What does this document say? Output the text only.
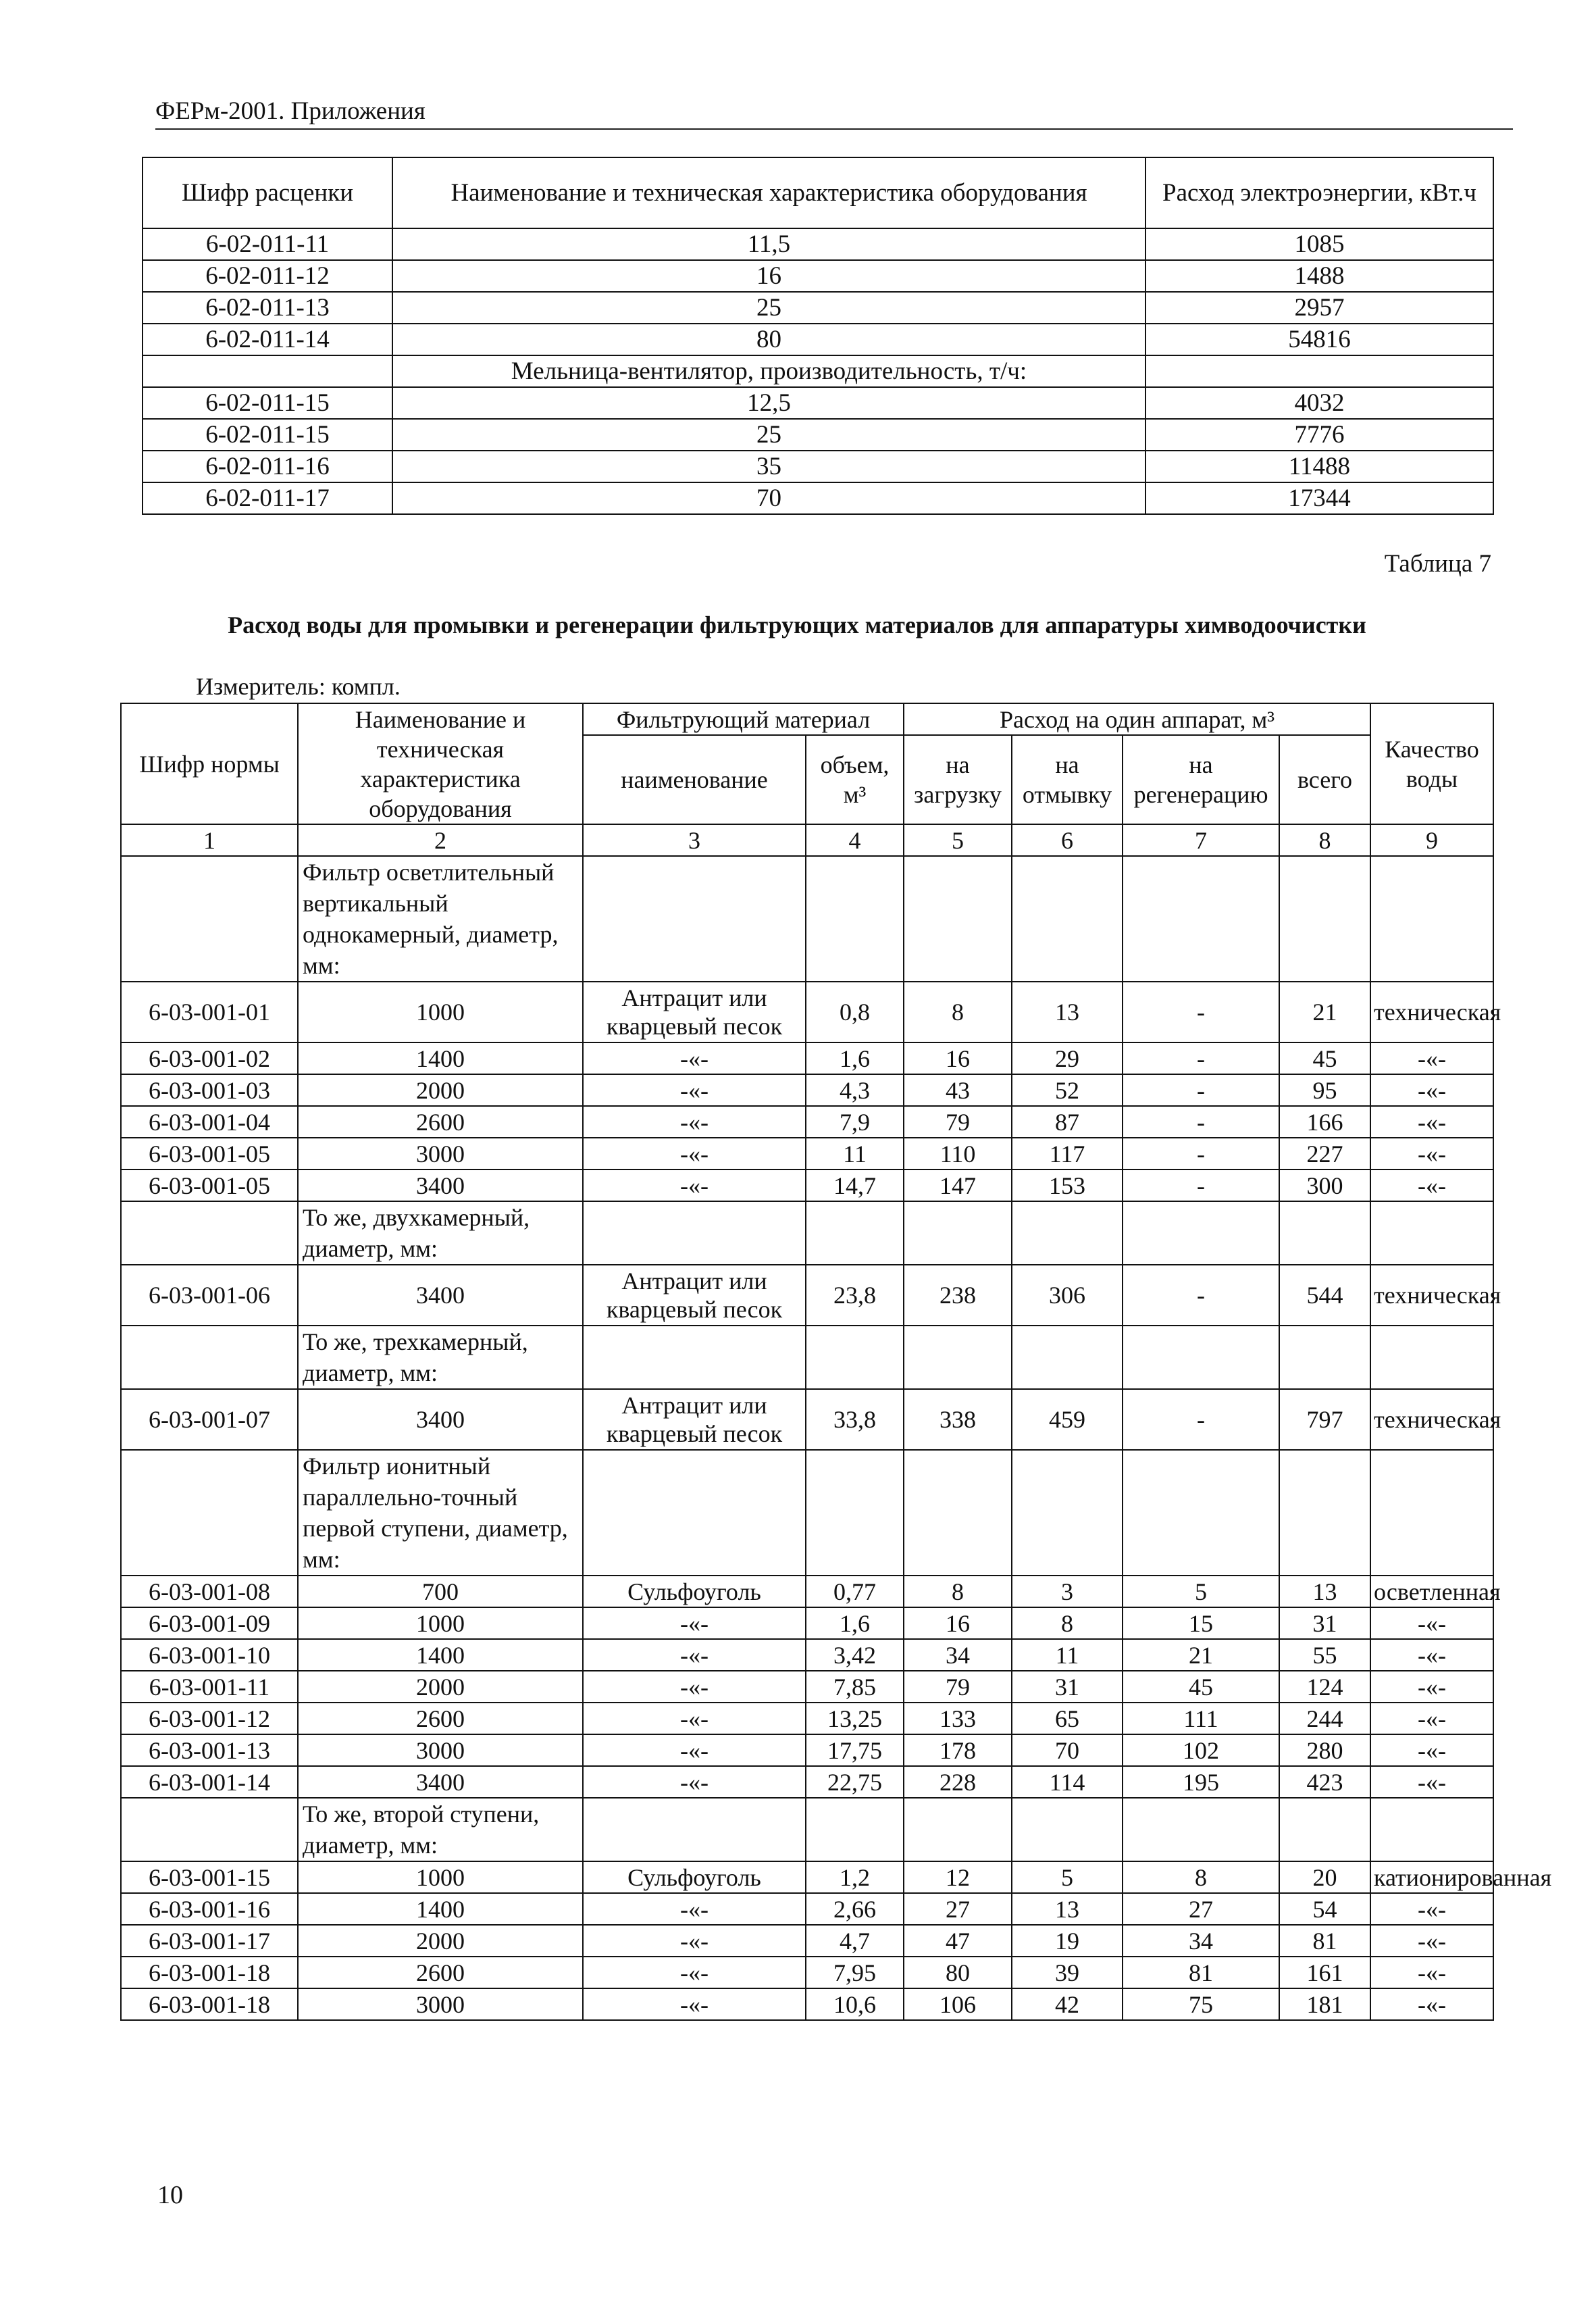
ФЕРм-2001. Приложения
Шифр расценки	Наименование и техническая характеристика оборудования	Расход электроэнергии, кВт.ч
6-02-011-11	11,5	1085
6-02-011-12	16	1488
6-02-011-13	25	2957
6-02-011-14	80	54816
	Мельница-вентилятор, производительность, т/ч:	
6-02-011-15	12,5	4032
6-02-011-15	25	7776
6-02-011-16	35	11488
6-02-011-17	70	17344
Таблица 7
Расход воды для промывки и регенерации фильтрующих материалов для аппаратуры химводоочистки
Измеритель: компл.
Шифр нормы	Наименование и техническая характеристика оборудования	Фильтрующий материал		Расход на один аппарат, м³				Качество воды
		наименование	объем, м³	на загрузку	на отмывку	на регенерацию	всего	
1	2	3	4	5	6	7	8	9
	Фильтр осветлительный вертикальный однокамерный, диаметр, мм:							
6-03-001-01	1000	Антрацит или кварцевый песок	0,8	8	13	-	21	техническая
6-03-001-02	1400	-«-	1,6	16	29	-	45	-«-
6-03-001-03	2000	-«-	4,3	43	52	-	95	-«-
6-03-001-04	2600	-«-	7,9	79	87	-	166	-«-
6-03-001-05	3000	-«-	11	110	117	-	227	-«-
6-03-001-05	3400	-«-	14,7	147	153	-	300	-«-
	То же, двухкамерный, диаметр, мм:							
6-03-001-06	3400	Антрацит или кварцевый песок	23,8	238	306	-	544	техническая
	То же, трехкамерный, диаметр, мм:							
6-03-001-07	3400	Антрацит или кварцевый песок	33,8	338	459	-	797	техническая
	Фильтр ионитный параллельно-точный первой ступени, диаметр, мм:							
6-03-001-08	700	Сульфоуголь	0,77	8	3	5	13	осветленная
6-03-001-09	1000	-«-	1,6	16	8	15	31	-«-
6-03-001-10	1400	-«-	3,42	34	11	21	55	-«-
6-03-001-11	2000	-«-	7,85	79	31	45	124	-«-
6-03-001-12	2600	-«-	13,25	133	65	111	244	-«-
6-03-001-13	3000	-«-	17,75	178	70	102	280	-«-
6-03-001-14	3400	-«-	22,75	228	114	195	423	-«-
	То же, второй ступени, диаметр, мм:							
6-03-001-15	1000	Сульфоуголь	1,2	12	5	8	20	катионированная
6-03-001-16	1400	-«-	2,66	27	13	27	54	-«-
6-03-001-17	2000	-«-	4,7	47	19	34	81	-«-
6-03-001-18	2600	-«-	7,95	80	39	81	161	-«-
6-03-001-18	3000	-«-	10,6	106	42	75	181	-«-
10
